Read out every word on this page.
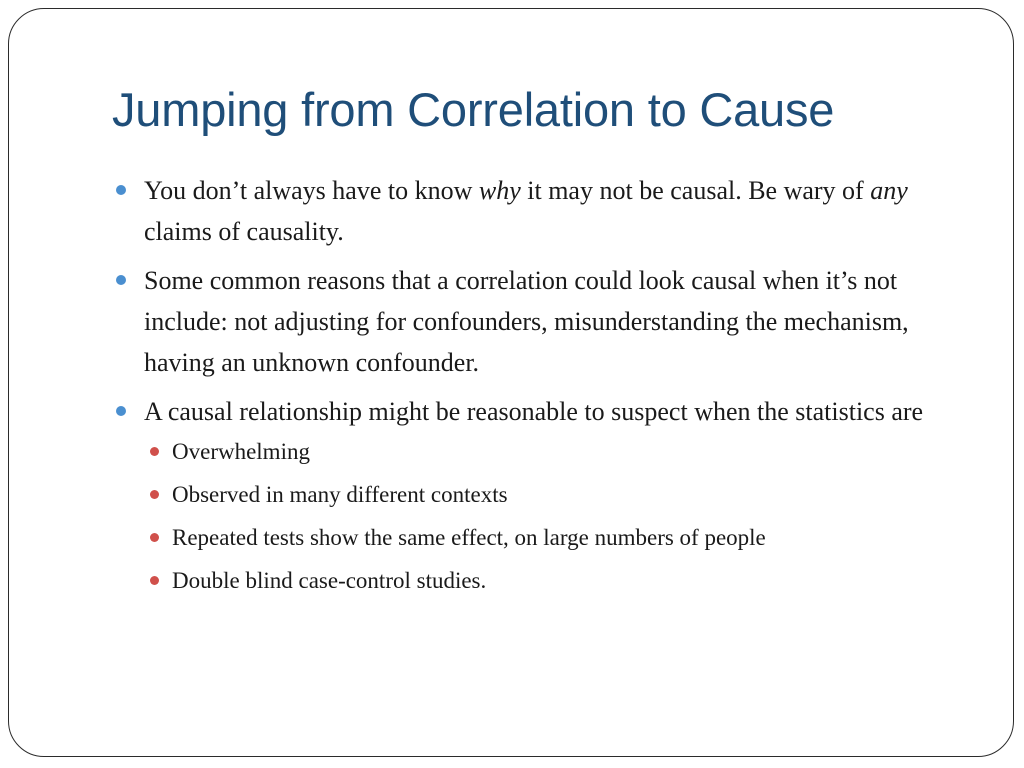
Jumping from Correlation to Cause
You don’t always have to know why it may not be causal. Be wary of any claims of causality.
Some common reasons that a correlation could look causal when it’s not include: not adjusting for confounders, misunderstanding the mechanism, having an unknown confounder.
A causal relationship might be reasonable to suspect when the statistics are
Overwhelming
Observed in many different contexts
Repeated tests show the same effect, on large numbers of people
Double blind case-control studies.
